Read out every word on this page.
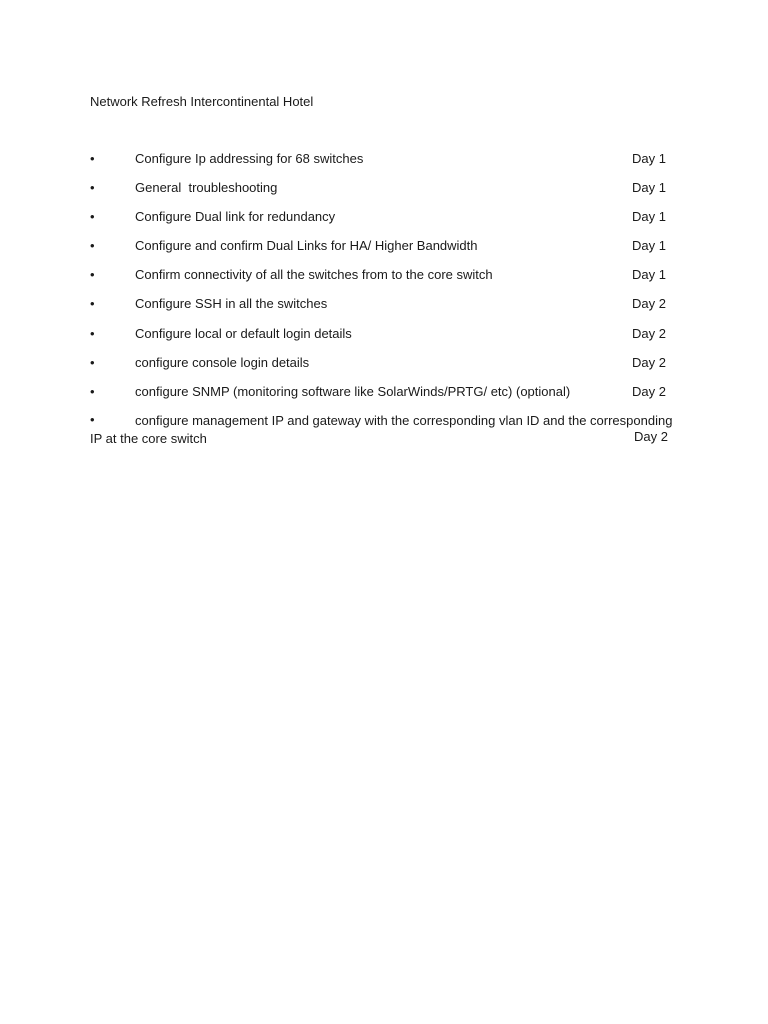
Network Refresh Intercontinental Hotel
•	Configure Ip addressing for 68 switches	Day 1
•	General  troubleshooting	Day 1
•	Configure Dual link for redundancy	Day 1
•	Configure and confirm Dual Links for HA/ Higher Bandwidth	Day 1
•	Confirm connectivity of all the switches from to the core switch	Day 1
•	Configure SSH in all the switches	Day 2
•	Configure local or default login details	Day 2
•	configure console login details	Day 2
•	configure SNMP (monitoring software like SolarWinds/PRTG/ etc) (optional)	Day 2
•	configure management IP and gateway with the corresponding vlan ID and the corresponding IP at the core switch	Day 2
